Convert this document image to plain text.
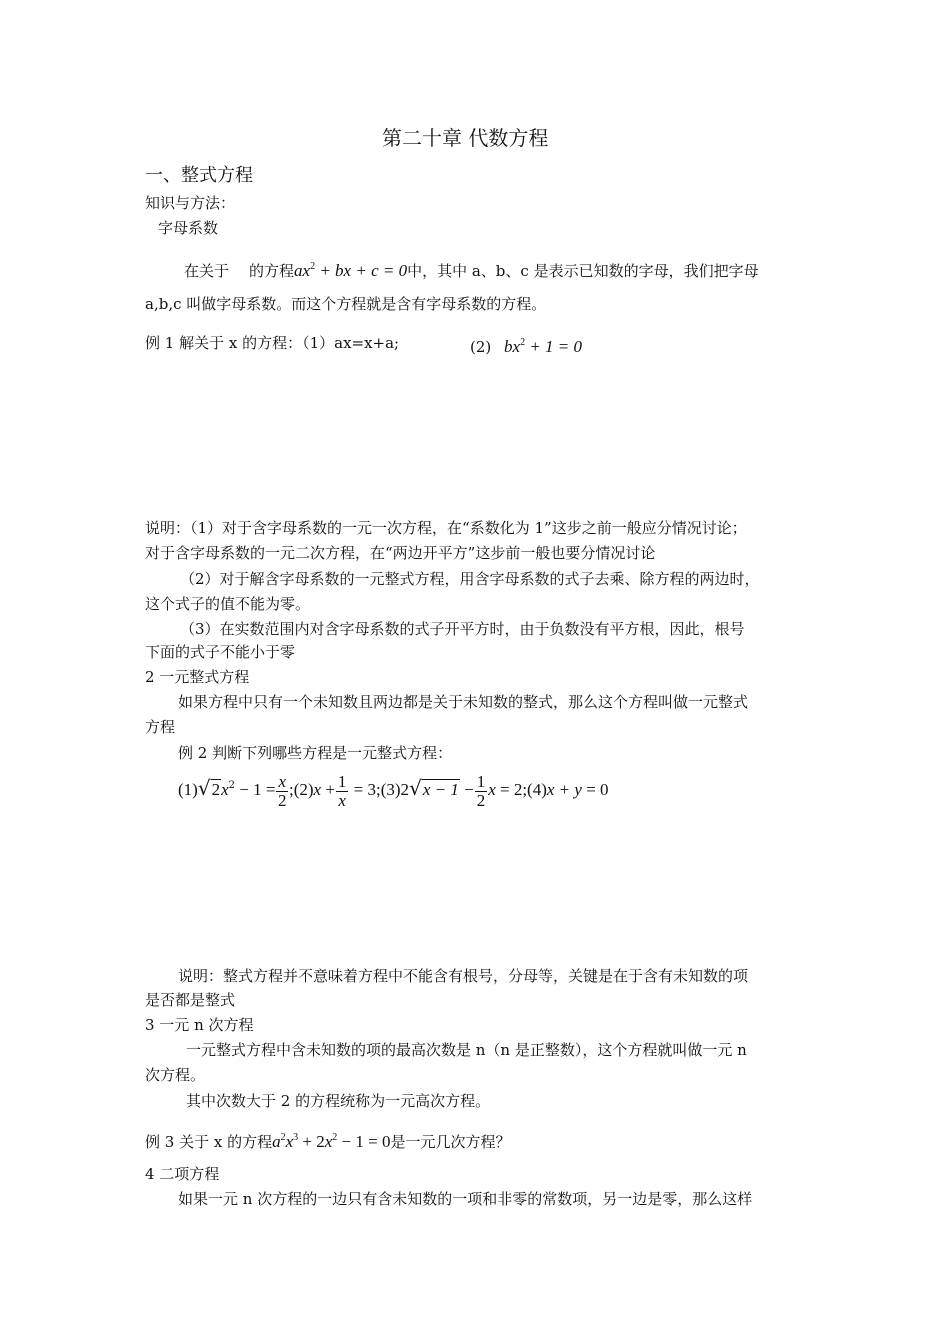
第二十章 代数方程
一、整式方程
知识与方法：
字母系数
在关于 的方程$ax^2$ + bx + c = 0中，其中 a、b、c 是表示已知数的字母，我们把字母
a,b,c 叫做字母系数。而这个方程就是含有字母系数的方程。
例 1 解关于 x 的方程：（1）ax=x+a;	(2) $bx^2 + 1 = 0$
说明：（1）对于含字母系数的一元一次方程，在“系数化为 1”这步之前一般应分情况讨论；
对于含字母系数的一元二次方程，在“两边开平方”这步前一般也要分情况讨论
（2）对于解含字母系数的一元整式方程，用含字母系数的式子去乘、除方程的两边时，
这个式子的值不能为零。
（3）在实数范围内对含字母系数的式子开平方时，由于负数没有平方根，因此，根号
下面的式子不能小于零
2 一元整式方程
如果方程中只有一个未知数且两边都是关于未知数的整式，那么这个方程叫做一元整式
方程
例 2 判断下列哪些方程是一元整式方程：
$(1)√2x^2 - 1 = \frac{x}{2}$ ;(2)x + $\frac{1}{x}$ = 3;(3)2√x − $1 - \frac{1}{2}$ x = 2;(4)x + y = 0
说明：整式方程并不意味着方程中不能含有根号，分母等，关键是在于含有未知数的项
是否都是整式
3 一元 n 次方程
一元整式方程中含未知数的项的最高次数是 n（n 是正整数），这个方程就叫做一元 n
次方程。
其中次数大于 2 的方程统称为一元高次方程。
例 3 关于 x 的方程$a^2x^3 + 2x^2 - 1 = 0$是一元几次方程？
4 二项方程
如果一元 n 次方程的一边只有含未知数的一项和非零的常数项，另一边是零，那么这样
